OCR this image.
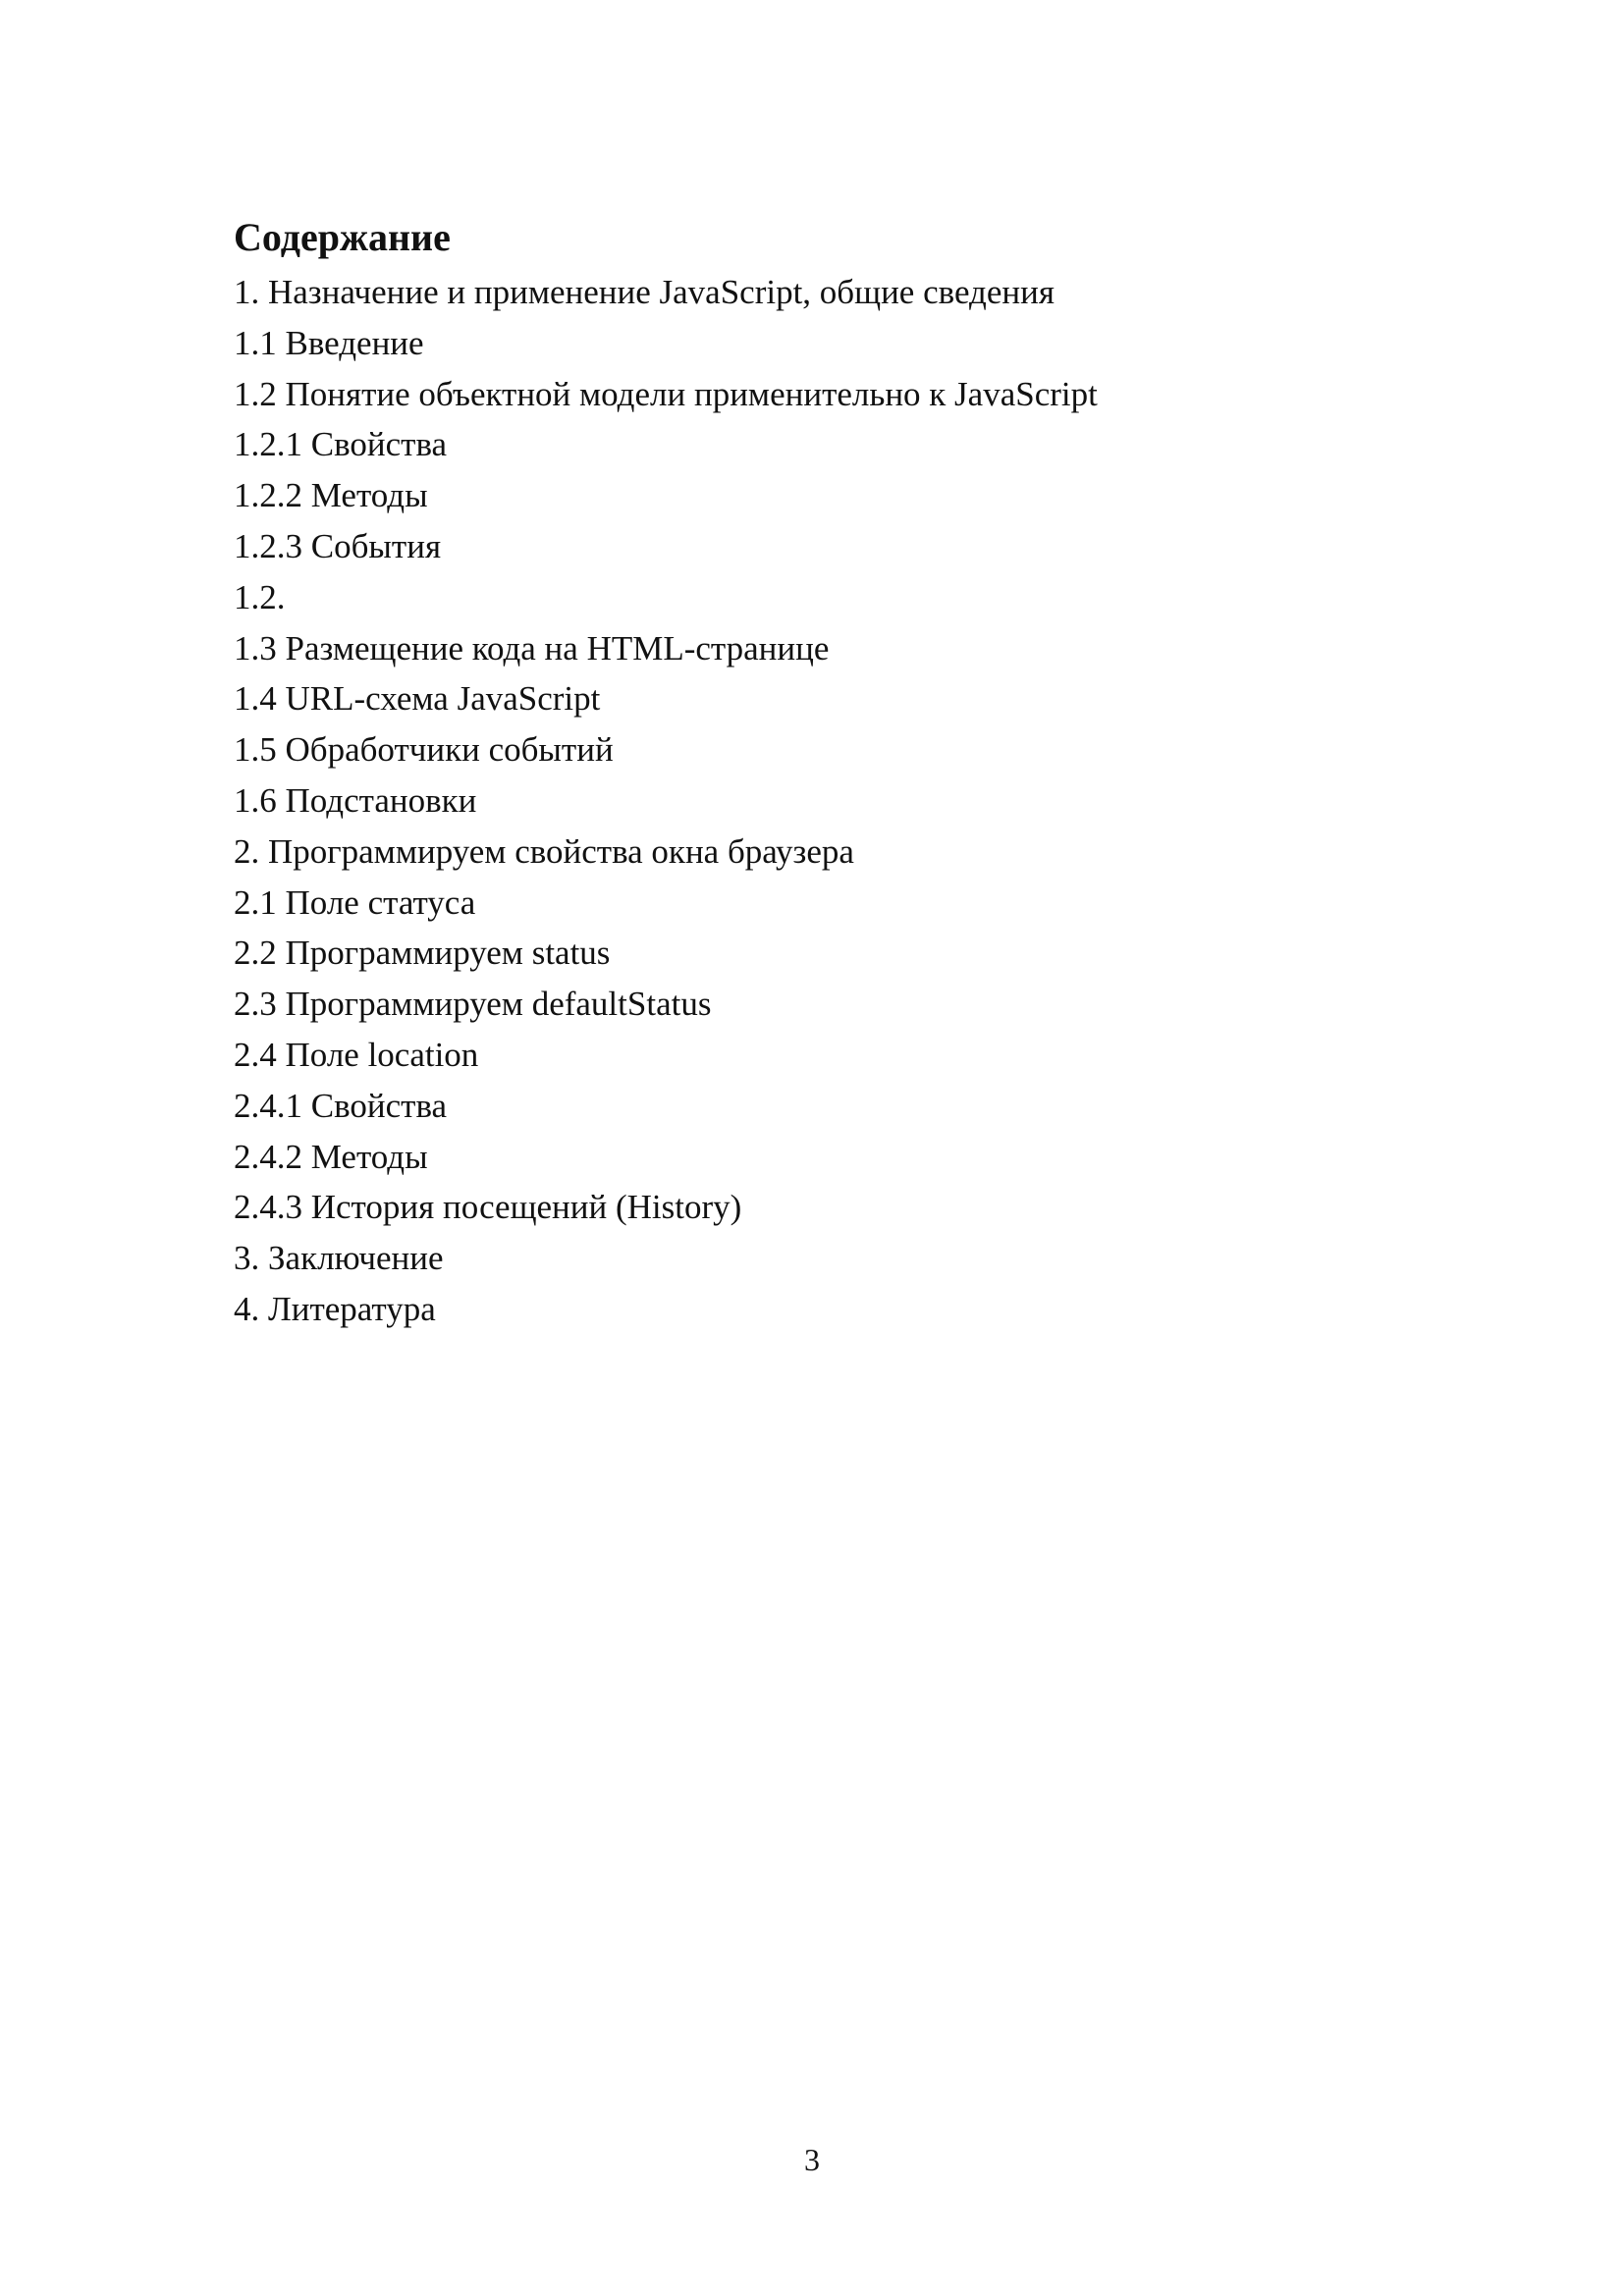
Содержание
1. Назначение и применение JavaScript, общие сведения
1.1 Введение
1.2 Понятие объектной модели применительно к JavaScript
1.2.1 Свойства
1.2.2 Методы
1.2.3 События
1.2.
1.3 Размещение кода на HTML-странице
1.4 URL-схема JavaScript
1.5 Обработчики событий
1.6 Подстановки
2. Программируем свойства окна браузера
2.1 Поле статуса
2.2 Программируем status
2.3 Программируем defaultStatus
2.4 Поле location
2.4.1 Свойства
2.4.2 Методы
2.4.3 История посещений (History)
3. Заключение
4. Литература
3
